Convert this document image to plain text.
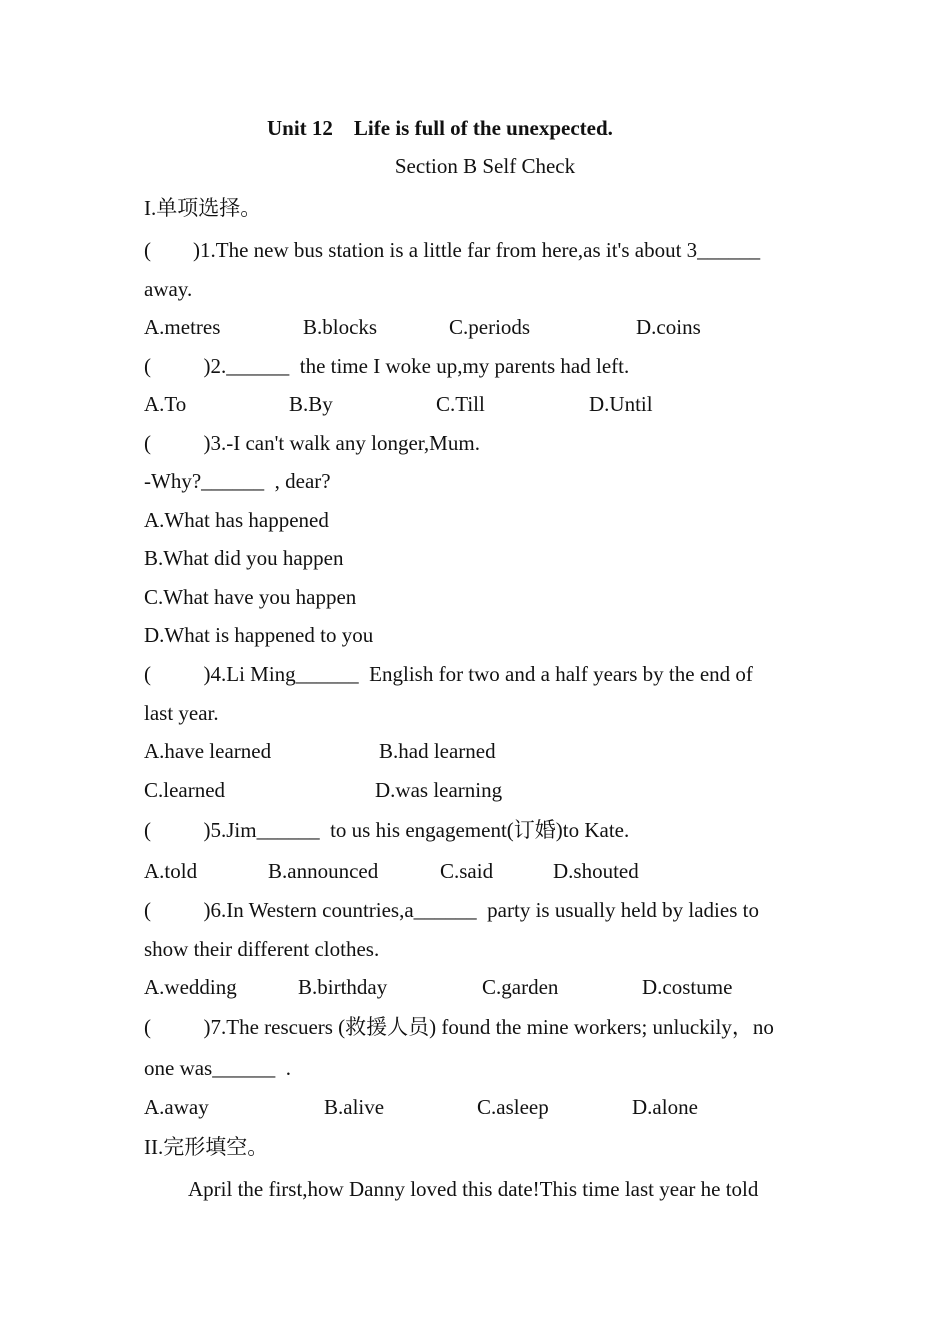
Unit 12    Life is full of the unexpected.
Section B Self Check
I.单项选择。
(        )1.The new bus station is a little far from here,as it's about 3______
away.
A.metres	B.blocks	C.periods	D.coins
(          )2.______  the time I woke up,my parents had left.
A.To	B.By	C.Till	D.Until
(          )3.-I can't walk any longer,Mum.
-Why?______  , dear?
A.What has happened
B.What did you happen
C.What have you happen
D.What is happened to you
(          )4.Li Ming______  English for two and a half years by the end of
last year.
A.have learned	B.had learned
C.learned	D.was learning
(          )5.Jim______  to us his engagement(订婚)to Kate.
A.told	B.announced	C.said	D.shouted
(          )6.In Western countries,a______  party is usually held by ladies to
show their different clothes.
A.wedding	B.birthday	C.garden	D.costume
(          )7.The rescuers (救援人员) found the mine workers; unluckily，no
one was______  .
A.away	B.alive	C.asleep	D.alone
II.完形填空。
April the first,how Danny loved this date!This time last year he told
